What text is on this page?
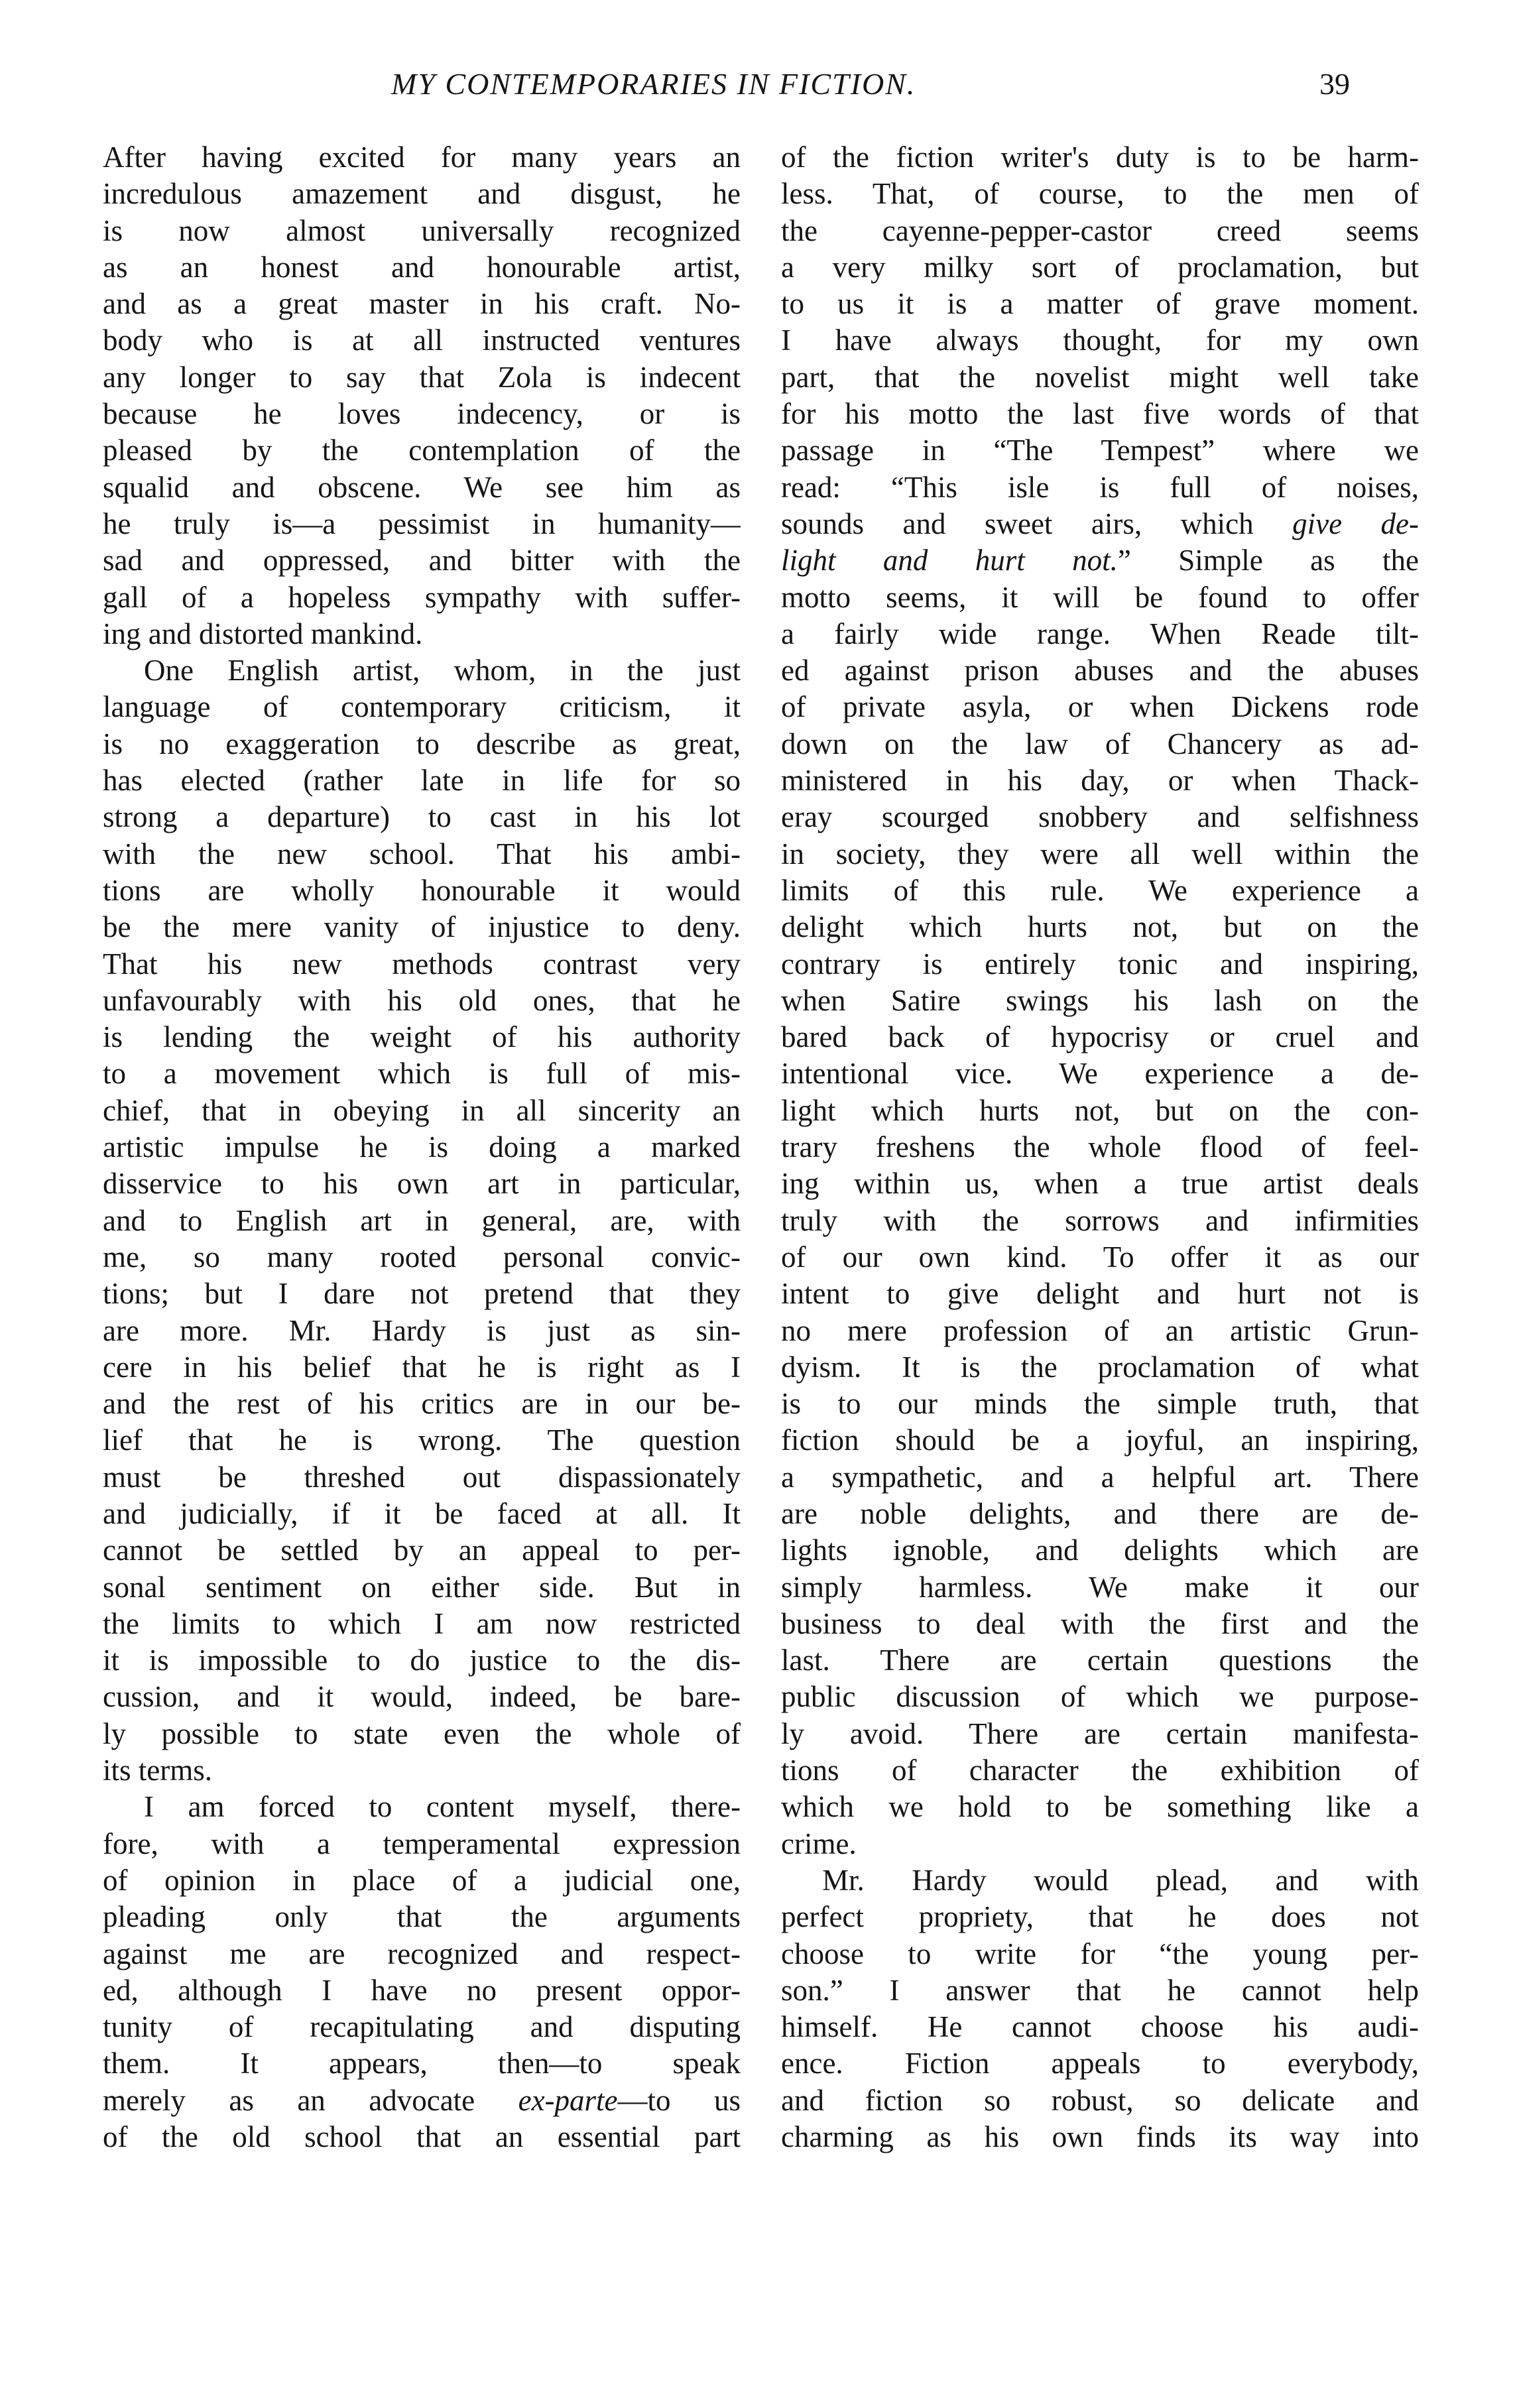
MY CONTEMPORARIES IN FICTION.	39
After having excited for many years an
incredulous amazement and disgust, he
is now almost universally recognized
as an honest and honourable artist,
and as a great master in his craft. No-
body who is at all instructed ventures
any longer to say that Zola is indecent
because he loves indecency, or is
pleased by the contemplation of the
squalid and obscene. We see him as
he truly is—a pessimist in humanity—
sad and oppressed, and bitter with the
gall of a hopeless sympathy with suffer-
ing and distorted mankind.
One English artist, whom, in the just
language of contemporary criticism, it
is no exaggeration to describe as great,
has elected (rather late in life for so
strong a departure) to cast in his lot
with the new school. That his ambi-
tions are wholly honourable it would
be the mere vanity of injustice to deny.
That his new methods contrast very
unfavourably with his old ones, that he
is lending the weight of his authority
to a movement which is full of mis-
chief, that in obeying in all sincerity an
artistic impulse he is doing a marked
disservice to his own art in particular,
and to English art in general, are, with
me, so many rooted personal convic-
tions; but I dare not pretend that they
are more. Mr. Hardy is just as sin-
cere in his belief that he is right as I
and the rest of his critics are in our be-
lief that he is wrong. The question
must be threshed out dispassionately
and judicially, if it be faced at all. It
cannot be settled by an appeal to per-
sonal sentiment on either side. But in
the limits to which I am now restricted
it is impossible to do justice to the dis-
cussion, and it would, indeed, be bare-
ly possible to state even the whole of
its terms.
I am forced to content myself, there-
fore, with a temperamental expression
of opinion in place of a judicial one,
pleading only that the arguments
against me are recognized and respect-
ed, although I have no present oppor-
tunity of recapitulating and disputing
them. It appears, then—to speak
merely as an advocate ex-parte—to us
of the old school that an essential part
of the fiction writer's duty is to be harm-
less. That, of course, to the men of
the cayenne-pepper-castor creed seems
a very milky sort of proclamation, but
to us it is a matter of grave moment.
I have always thought, for my own
part, that the novelist might well take
for his motto the last five words of that
passage in “The Tempest” where we
read: “This isle is full of noises,
sounds and sweet airs, which give de-
light and hurt not.” Simple as the
motto seems, it will be found to offer
a fairly wide range. When Reade tilt-
ed against prison abuses and the abuses
of private asyla, or when Dickens rode
down on the law of Chancery as ad-
ministered in his day, or when Thack-
eray scourged snobbery and selfishness
in society, they were all well within the
limits of this rule. We experience a
delight which hurts not, but on the
contrary is entirely tonic and inspiring,
when Satire swings his lash on the
bared back of hypocrisy or cruel and
intentional vice. We experience a de-
light which hurts not, but on the con-
trary freshens the whole flood of feel-
ing within us, when a true artist deals
truly with the sorrows and infirmities
of our own kind. To offer it as our
intent to give delight and hurt not is
no mere profession of an artistic Grun-
dyism. It is the proclamation of what
is to our minds the simple truth, that
fiction should be a joyful, an inspiring,
a sympathetic, and a helpful art. There
are noble delights, and there are de-
lights ignoble, and delights which are
simply harmless. We make it our
business to deal with the first and the
last. There are certain questions the
public discussion of which we purpose-
ly avoid. There are certain manifesta-
tions of character the exhibition of
which we hold to be something like a
crime.
Mr. Hardy would plead, and with
perfect propriety, that he does not
choose to write for “the young per-
son.” I answer that he cannot help
himself. He cannot choose his audi-
ence. Fiction appeals to everybody,
and fiction so robust, so delicate and
charming as his own finds its way into
